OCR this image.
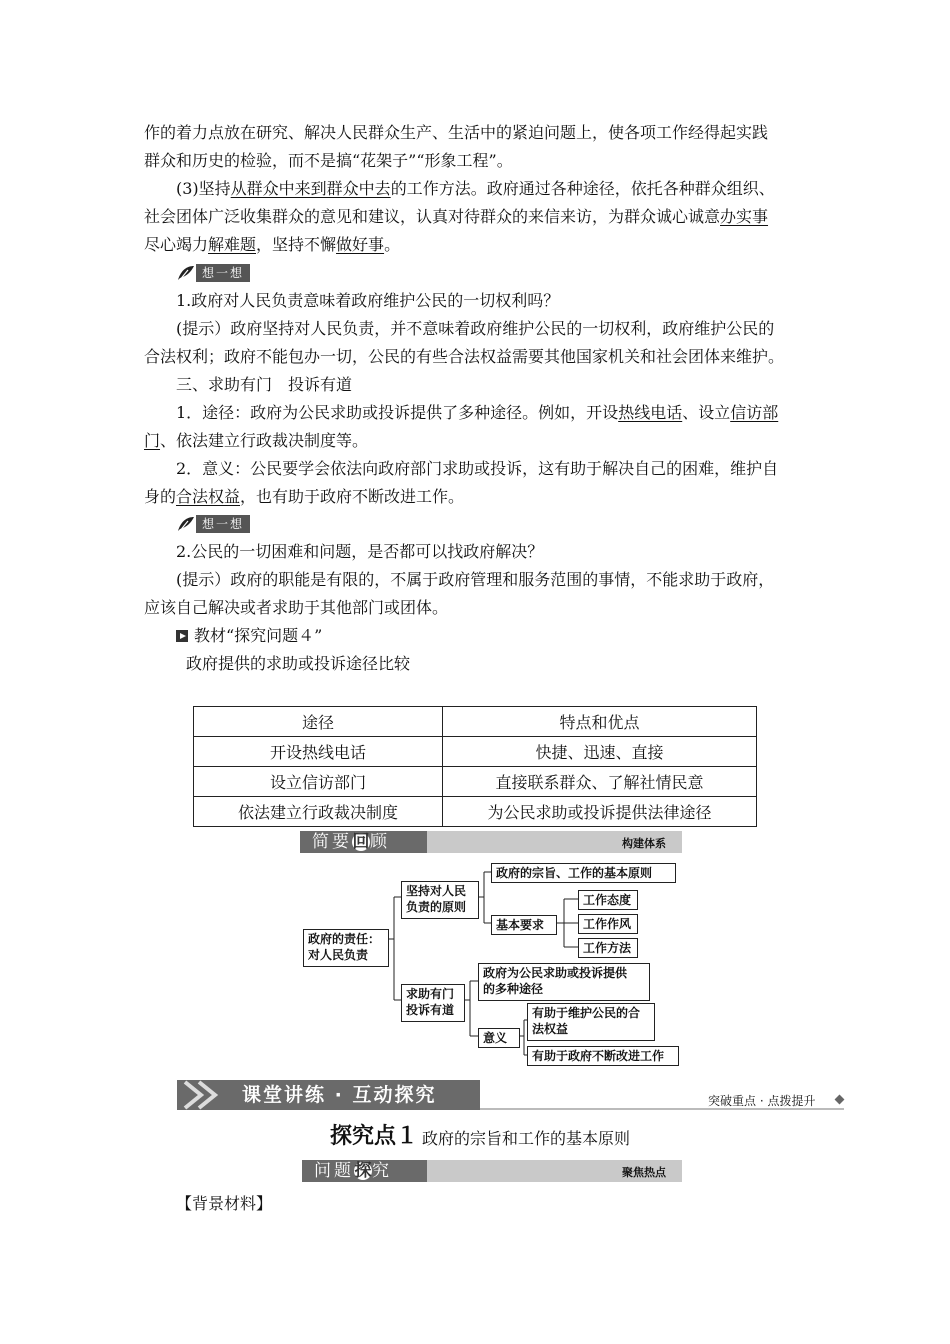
作的着力点放在研究、解决人民群众生产、生活中的紧迫问题上，使各项工作经得起实践
群众和历史的检验，而不是搞“花架子”“形象工程”。
(3)坚持从群众中来到群众中去的工作方法。政府通过各种途径，依托各种群众组织、
社会团体广泛收集群众的意见和建议，认真对待群众的来信来访，为群众诚心诚意办实事
尽心竭力解难题，坚持不懈做好事。
想一想
1.政府对人民负责意味着政府维护公民的一切权利吗？
(提示）政府坚持对人民负责，并不意味着政府维护公民的一切权利，政府维护公民的
合法权利；政府不能包办一切，公民的有些合法权益需要其他国家机关和社会团体来维护。
三、求助有门　投诉有道
1．途径：政府为公民求助或投诉提供了多种途径。例如，开设热线电话、设立信访部
门、依法建立行政裁决制度等。
2．意义：公民要学会依法向政府部门求助或投诉，这有助于解决自己的困难，维护自
身的合法权益，也有助于政府不断改进工作。
想一想
2.公民的一切困难和问题，是否都可以找政府解决？
(提示）政府的职能是有限的，不属于政府管理和服务范围的事情，不能求助于政府，
应该自己解决或者求助于其他部门或团体。
教材“探究问题４”
政府提供的求助或投诉途径比较
途径	特点和优点
开设热线电话	快捷、迅速、直接
设立信访部门	直接联系群众、了解社情民意
依法建立行政裁决制度	为公民求助或投诉提供法律途径
简要回顾	构建体系
政府的责任：
对人民负责
坚持对人民
负责的原则
政府的宗旨、工作的基本原则
基本要求
工作态度
工作作风
工作方法
求助有门
投诉有道
政府为公民求助或投诉提供
的多种途径
意义
有助于维护公民的合
法权益
有助于政府不断改进工作
课堂讲练 · 互动探究	突破重点 · 点拨提升
探究点１ 政府的宗旨和工作的基本原则
问题探究	聚焦热点
【背景材料】
